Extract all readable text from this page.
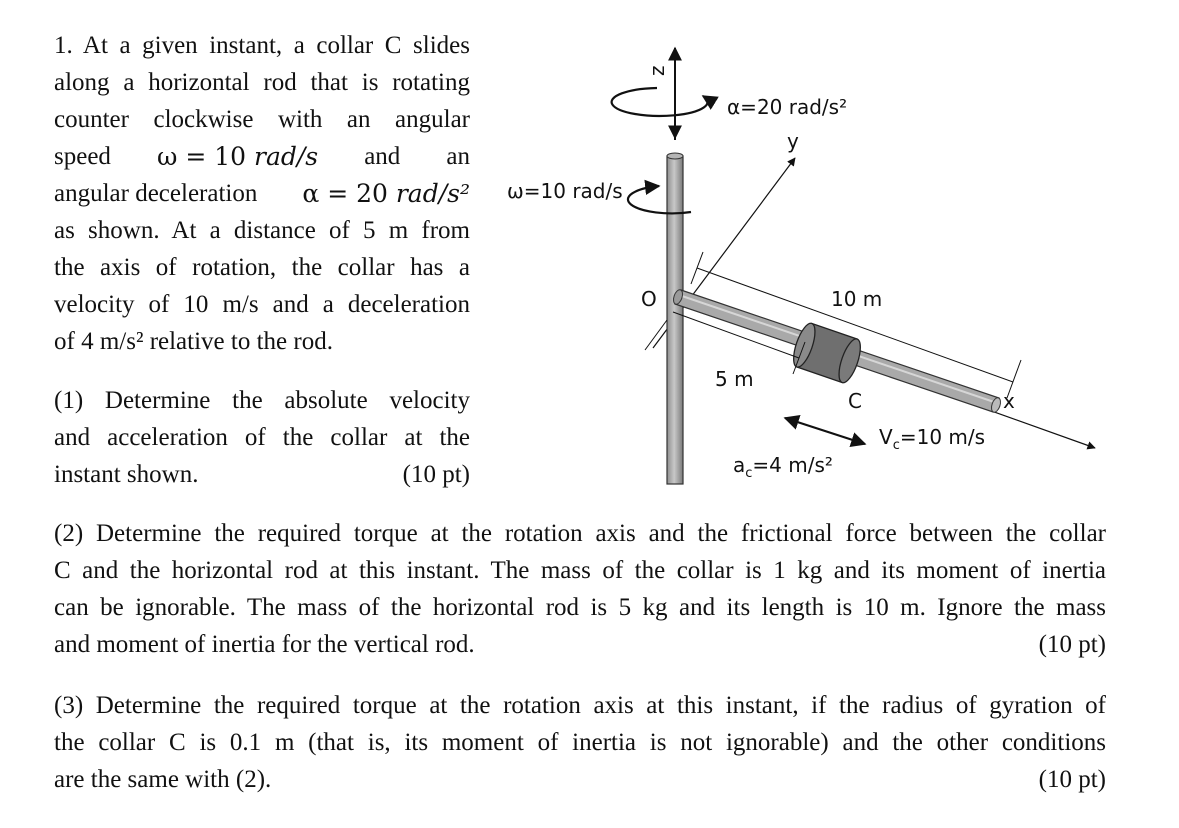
1. At a given instant, a collar C slides
along a horizontal rod that is rotating
counter clockwise with an angular
speed ω = 10 rad/s and an
angular deceleration α = 20 rad/s²
as shown. At a distance of 5 m from
the axis of rotation, the collar has a
velocity of 10 m/s and a deceleration
of 4 m/s² relative to the rod.
(1) Determine the absolute velocity
and acceleration of the collar at the
instant shown.	(10 pt)
(2) Determine the required torque at the rotation axis and the frictional force between the collar
C and the horizontal rod at this instant. The mass of the collar is 1 kg and its moment of inertia
can be ignorable. The mass of the horizontal rod is 5 kg and its length is 10 m. Ignore the mass
and moment of inertia for the vertical rod.	(10 pt)
(3) Determine the required torque at the rotation axis at this instant, if the radius of gyration of
the collar C is 0.1 m (that is, its moment of inertia is not ignorable) and the other conditions
are the same with (2).	(10 pt)
z
α=20 rad/s²
y
ω=10 rad/s
O
x
10 m
C
5 m
$V_c=10$ m/s
$a_c=4$ m/s²
